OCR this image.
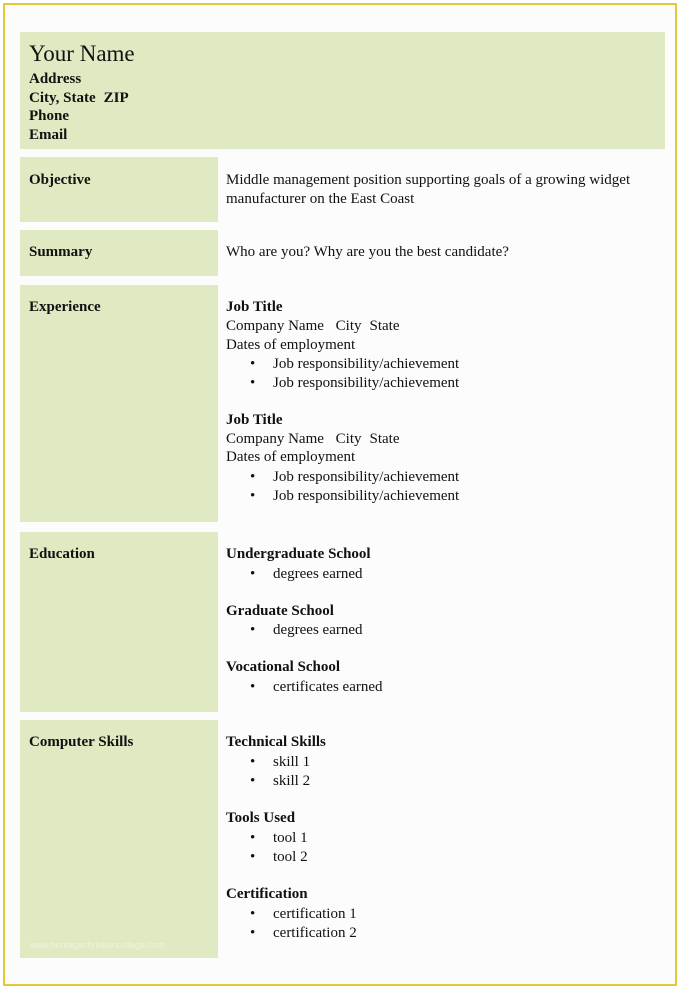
Your Name
Address
City, State ZIP
Phone
Email
Objective	Middle management position supporting goals of a growing widget
manufacturer on the East Coast
Summary	Who are you? Why are you the best candidate?
Experience	Job Title
Company Name City State
Dates of employment
• Job responsibility/achievement
• Job responsibility/achievement
Job Title
Company Name City State
Dates of employment
• Job responsibility/achievement
• Job responsibility/achievement
Education	Undergraduate School
• degrees earned
Graduate School
• degrees earned
Vocational School
• certificates earned
Computer Skills	Technical Skills
• skill 1
• skill 2
Tools Used
• tool 1
• tool 2
Certification
• certification 1
• certification 2
www.heritagechristiancollege.com
